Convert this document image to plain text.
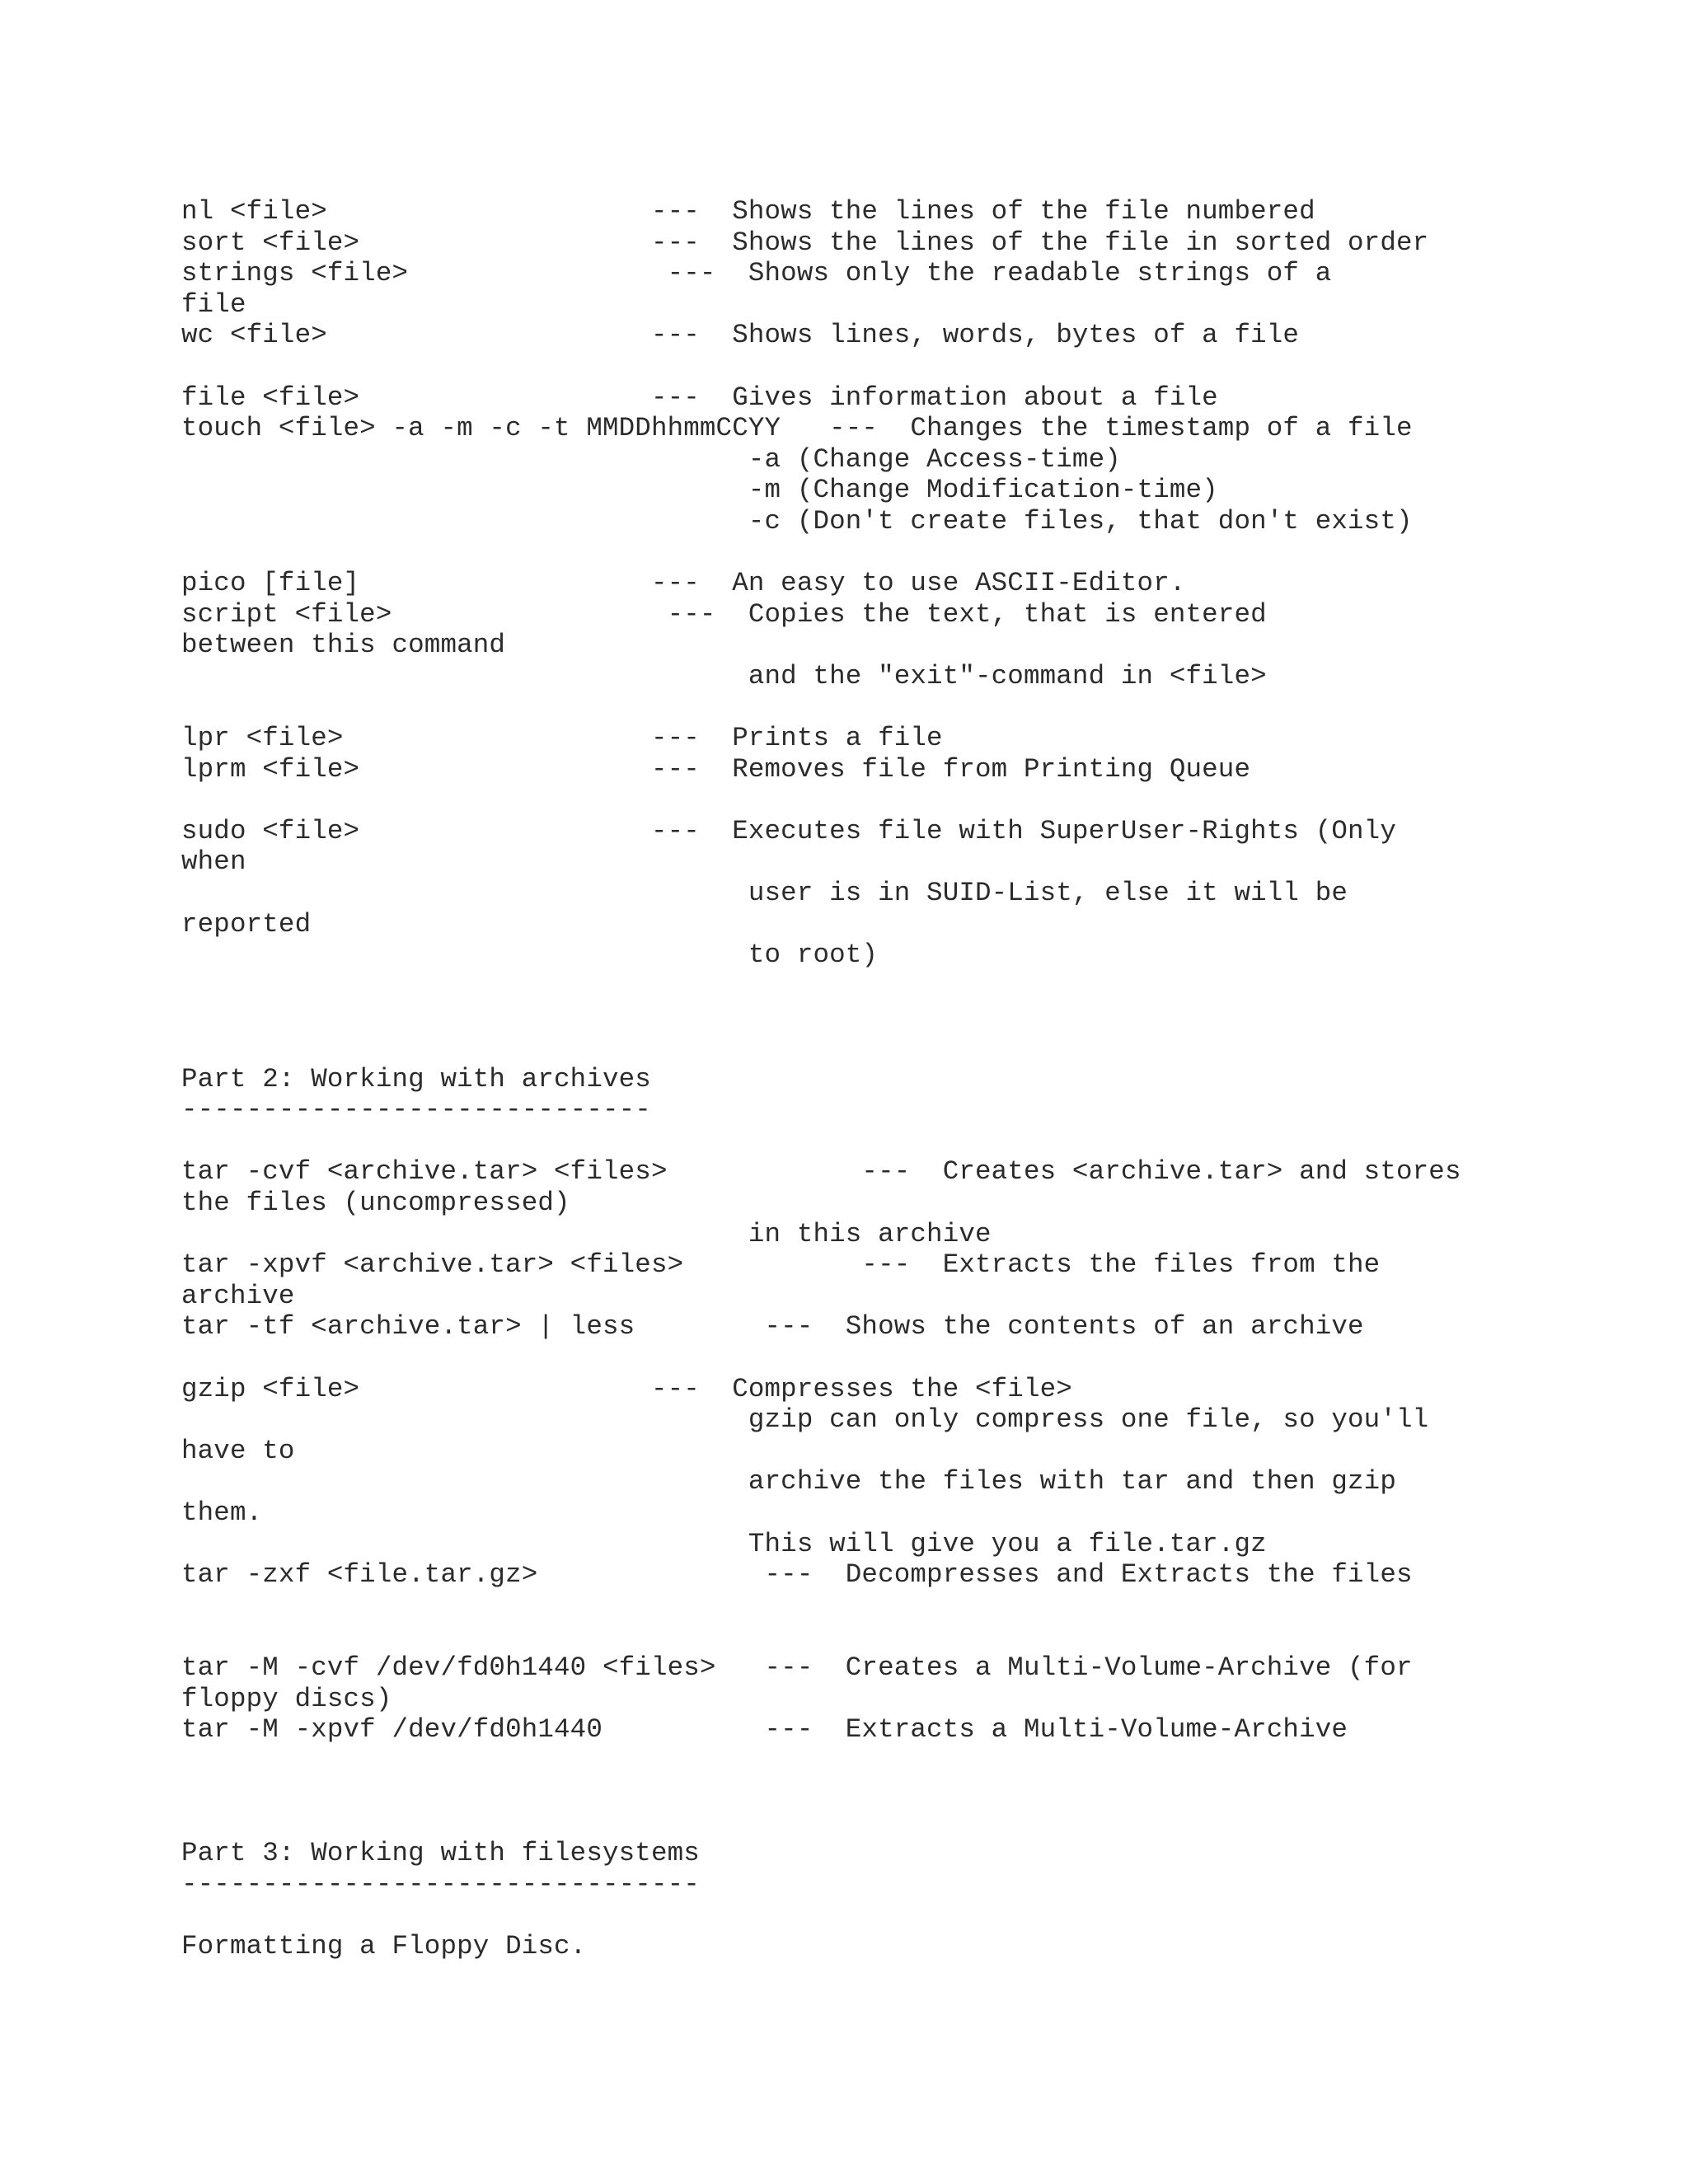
nl <file>                    ---  Shows the lines of the file numbered
sort <file>                  ---  Shows the lines of the file in sorted order
strings <file>                ---  Shows only the readable strings of a
file
wc <file>                    ---  Shows lines, words, bytes of a file
file <file>                  ---  Gives information about a file
touch <file> -a -m -c -t MMDDhhmmCCYY   ---  Changes the timestamp of a file
-a (Change Access-time)
-m (Change Modification-time)
-c (Don't create files, that don't exist)
pico [file]                  ---  An easy to use ASCII-Editor.
script <file>                 ---  Copies the text, that is entered
between this command
and the "exit"-command in <file>
lpr <file>                   ---  Prints a file
lprm <file>                  ---  Removes file from Printing Queue
sudo <file>                  ---  Executes file with SuperUser-Rights (Only
when
user is in SUID-List, else it will be
reported
to root)
Part 2: Working with archives
-----------------------------
tar -cvf <archive.tar> <files>            ---  Creates <archive.tar> and stores
the files (uncompressed)
in this archive
tar -xpvf <archive.tar> <files>           ---  Extracts the files from the
archive
tar -tf <archive.tar> | less        ---  Shows the contents of an archive
gzip <file>                  ---  Compresses the <file>
gzip can only compress one file, so you'll
have to
archive the files with tar and then gzip
them.
This will give you a file.tar.gz
tar -zxf <file.tar.gz>              ---  Decompresses and Extracts the files
tar -M -cvf /dev/fd0h1440 <files>   ---  Creates a Multi-Volume-Archive (for
floppy discs)
tar -M -xpvf /dev/fd0h1440          ---  Extracts a Multi-Volume-Archive
Part 3: Working with filesystems
--------------------------------
Formatting a Floppy Disc.
